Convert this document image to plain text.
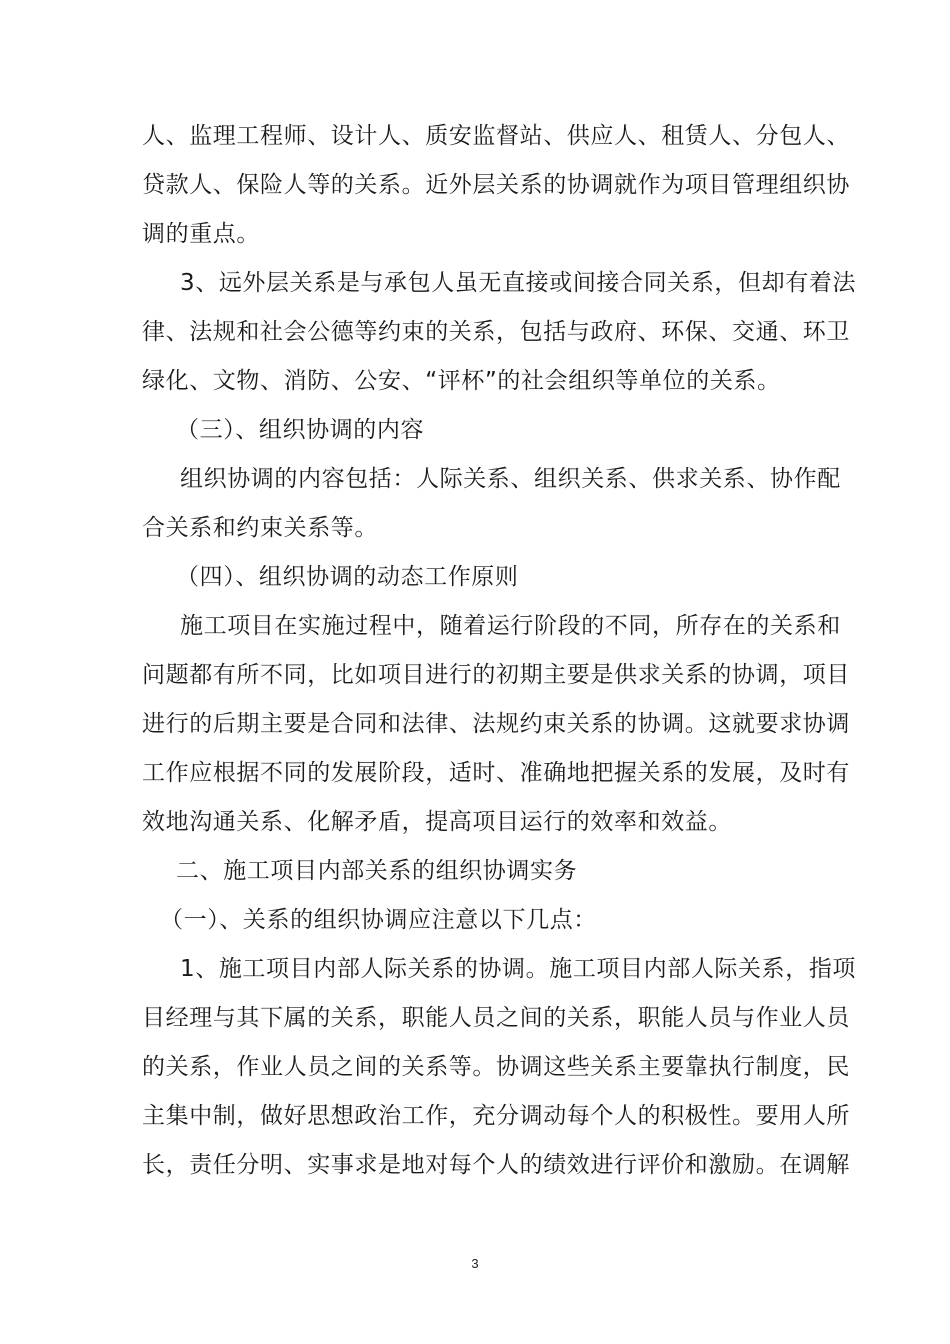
人、监理工程师、设计人、质安监督站、供应人、租赁人、分包人、
贷款人、保险人等的关系。近外层关系的协调就作为项目管理组织协
调的重点。

3、远外层关系是与承包人虽无直接或间接合同关系，但却有着法
律、法规和社会公德等约束的关系，包括与政府、环保、交通、环卫
绿化、文物、消防、公安、“评杯”的社会组织等单位的关系。

（三）、组织协调的内容

组织协调的内容包括：人际关系、组织关系、供求关系、协作配
合关系和约束关系等。

（四）、组织协调的动态工作原则

施工项目在实施过程中，随着运行阶段的不同，所存在的关系和
问题都有所不同，比如项目进行的初期主要是供求关系的协调，项目
进行的后期主要是合同和法律、法规约束关系的协调。这就要求协调
工作应根据不同的发展阶段，适时、准确地把握关系的发展，及时有
效地沟通关系、化解矛盾，提高项目运行的效率和效益。

二、施工项目内部关系的组织协调实务

（一）、关系的组织协调应注意以下几点：

1、施工项目内部人际关系的协调。施工项目内部人际关系，指项
目经理与其下属的关系，职能人员之间的关系，职能人员与作业人员
的关系，作业人员之间的关系等。协调这些关系主要靠执行制度，民
主集中制，做好思想政治工作，充分调动每个人的积极性。要用人所
长，责任分明、实事求是地对每个人的绩效进行评价和激励。在调解

3
